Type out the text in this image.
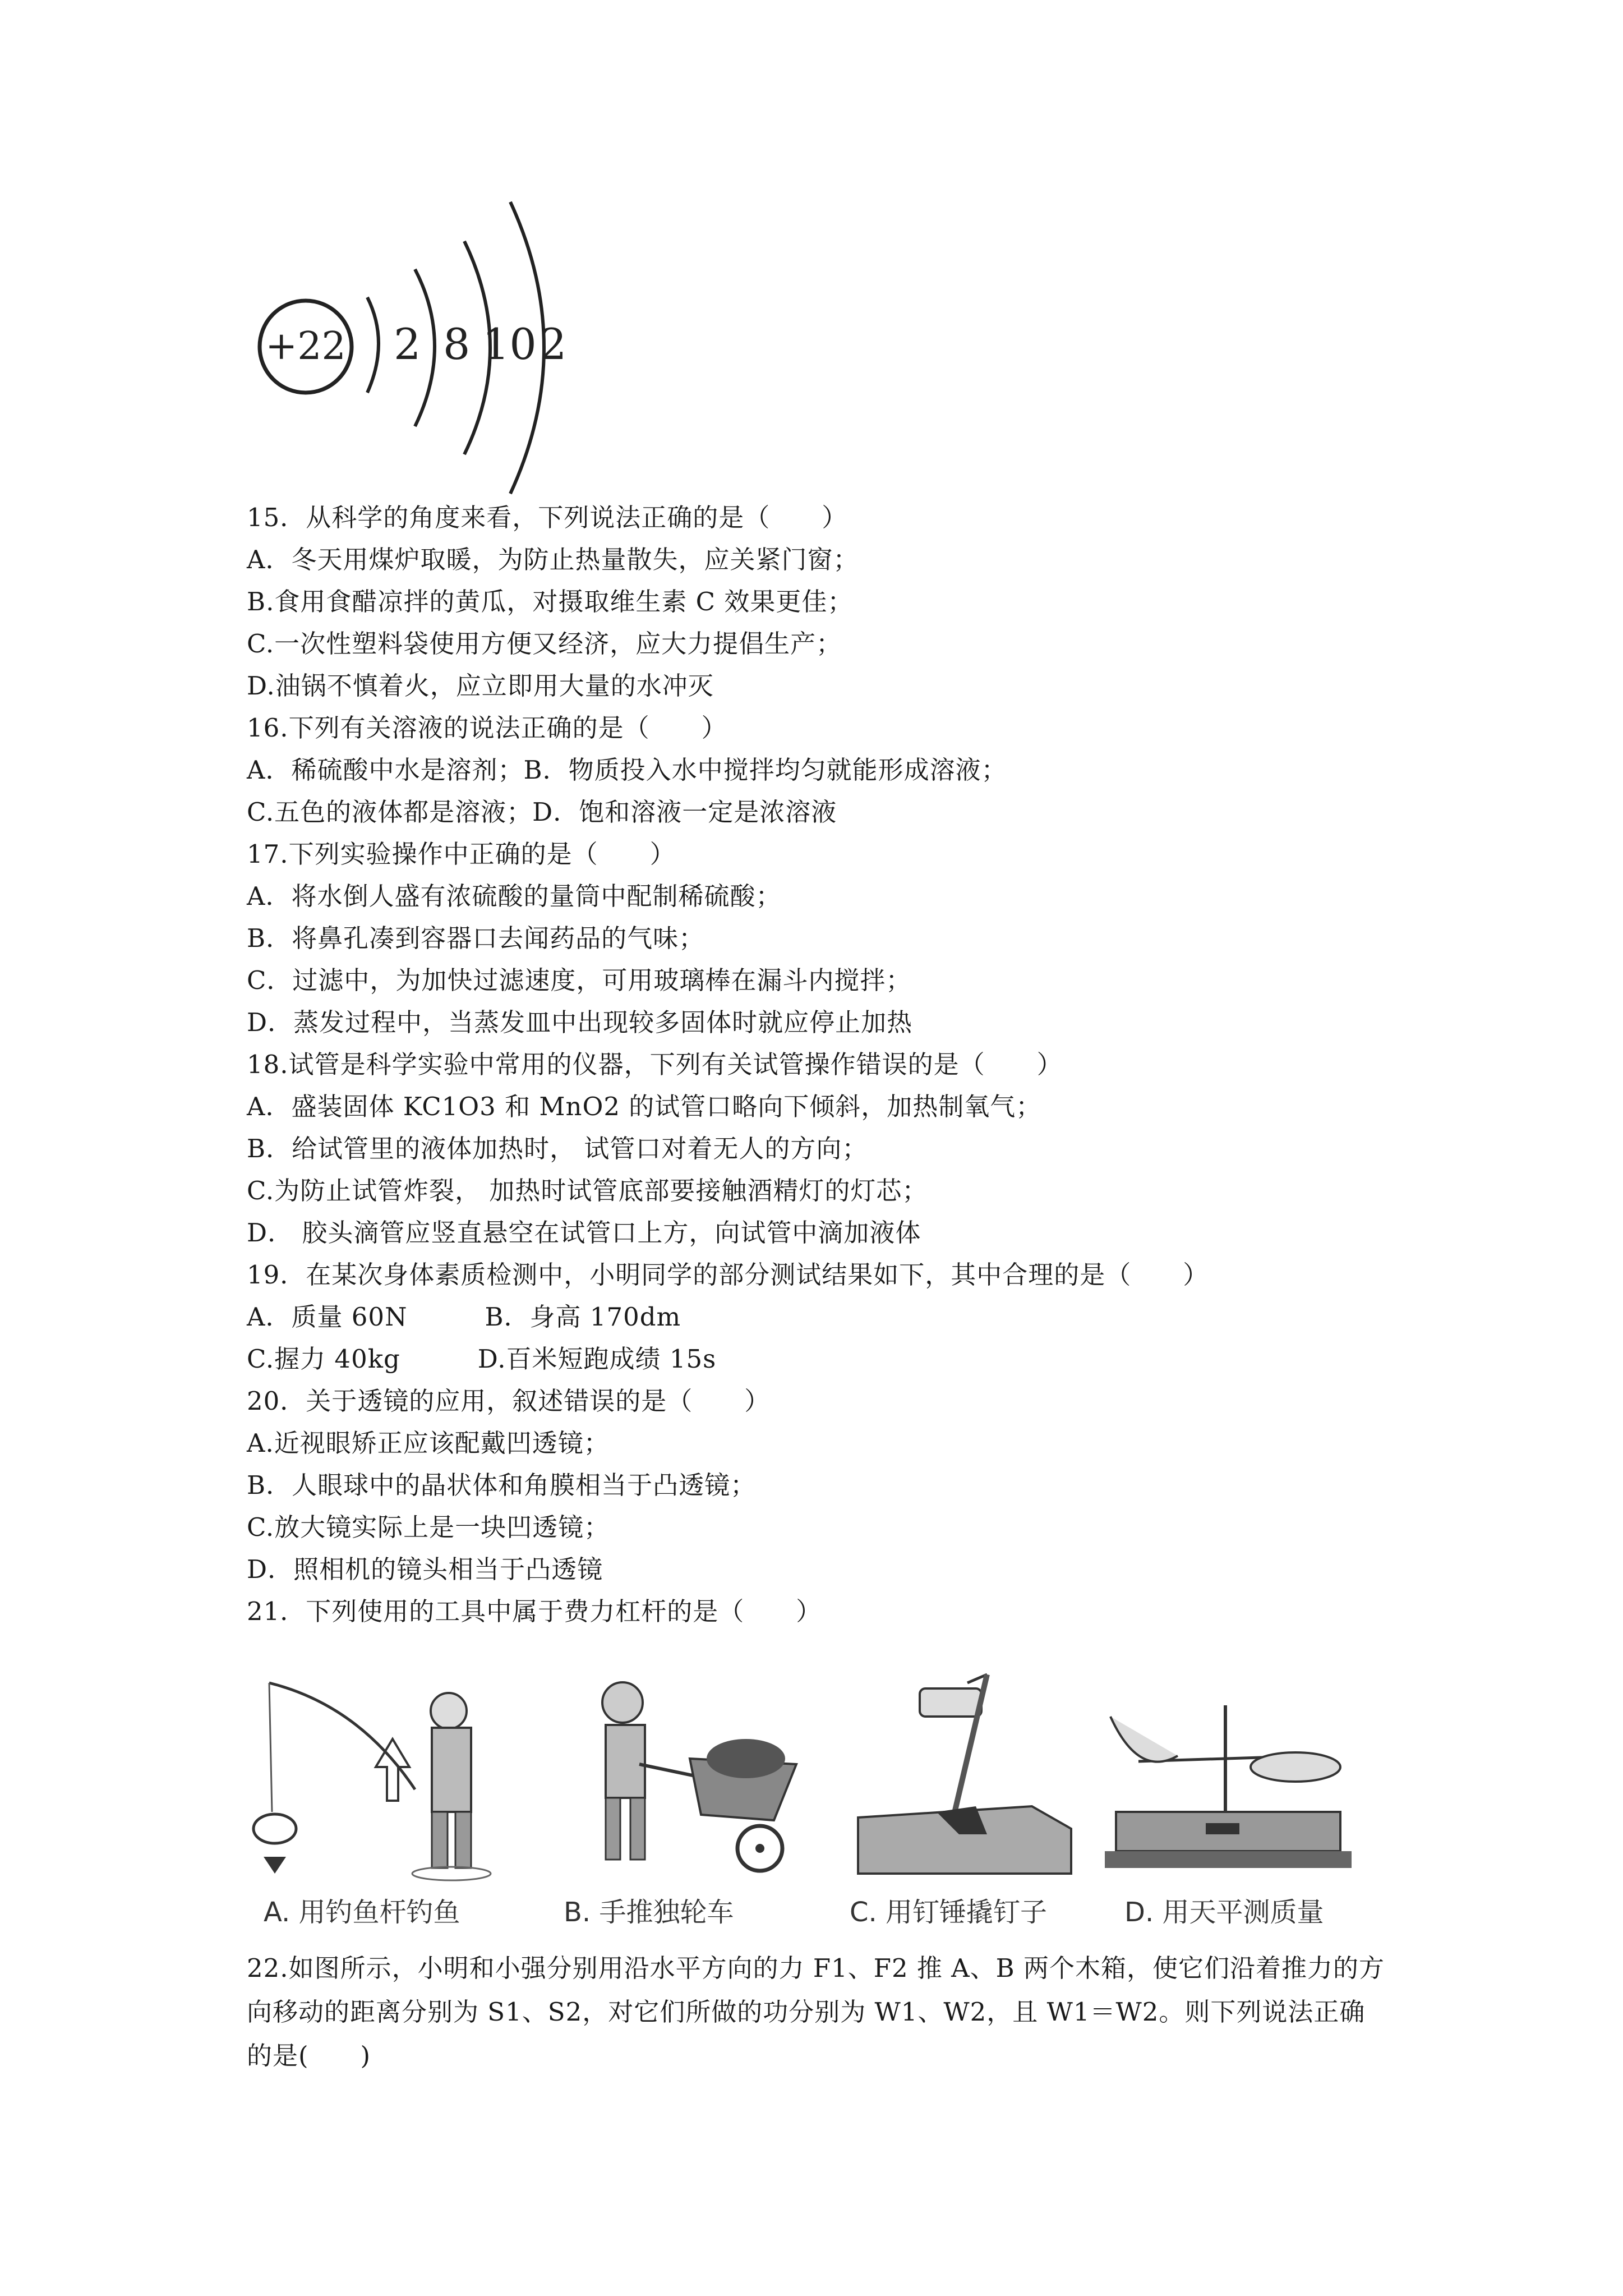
+22 2 8 10 2
15．从科学的角度来看，下列说法正确的是（　　）
A．冬天用煤炉取暖，为防止热量散失，应关紧门窗；
B.食用食醋凉拌的黄瓜，对摄取维生素 C 效果更佳；
C.一次性塑料袋使用方便又经济，应大力提倡生产；
D.油锅不慎着火，应立即用大量的水冲灭
16.下列有关溶液的说法正确的是（　　）
A．稀硫酸中水是溶剂；B．物质投入水中搅拌均匀就能形成溶液；
C.五色的液体都是溶液；D．饱和溶液一定是浓溶液
17.下列实验操作中正确的是（　　）
A．将水倒人盛有浓硫酸的量筒中配制稀硫酸；
B．将鼻孔凑到容器口去闻药品的气味；
C．过滤中，为加快过滤速度，可用玻璃棒在漏斗内搅拌；
D．蒸发过程中，当蒸发皿中出现较多固体时就应停止加热
18.试管是科学实验中常用的仪器，下列有关试管操作错误的是（　　）
A．盛装固体 KC1O3 和 MnO2 的试管口略向下倾斜，加热制氧气；
B．给试管里的液体加热时， 试管口对着无人的方向；
C.为防止试管炸裂， 加热时试管底部要接触酒精灯的灯芯；
D． 胶头滴管应竖直悬空在试管口上方，向试管中滴加液体
19．在某次身体素质检测中，小明同学的部分测试结果如下，其中合理的是（　　）
A．质量 60N　　　B．身高 170dm
C.握力 40kg　　　D.百米短跑成绩 15s
20．关于透镜的应用，叙述错误的是（　　）
A.近视眼矫正应该配戴凹透镜；
B．人眼球中的晶状体和角膜相当于凸透镜；
C.放大镜实际上是一块凹透镜；
D．照相机的镜头相当于凸透镜
21．下列使用的工具中属于费力杠杆的是（　　）
A. 用钓鱼杆钓鱼	B. 手推独轮车	C. 用钉锤撬钉子	D. 用天平测质量
22.如图所示，小明和小强分别用沿水平方向的力 F1、F2 推 A、B 两个木箱，使它们沿着推力的方向移动的距离分别为 S1、S2，对它们所做的功分别为 W1、W2，且 W1＝W2。则下列说法正确的是(　　)
